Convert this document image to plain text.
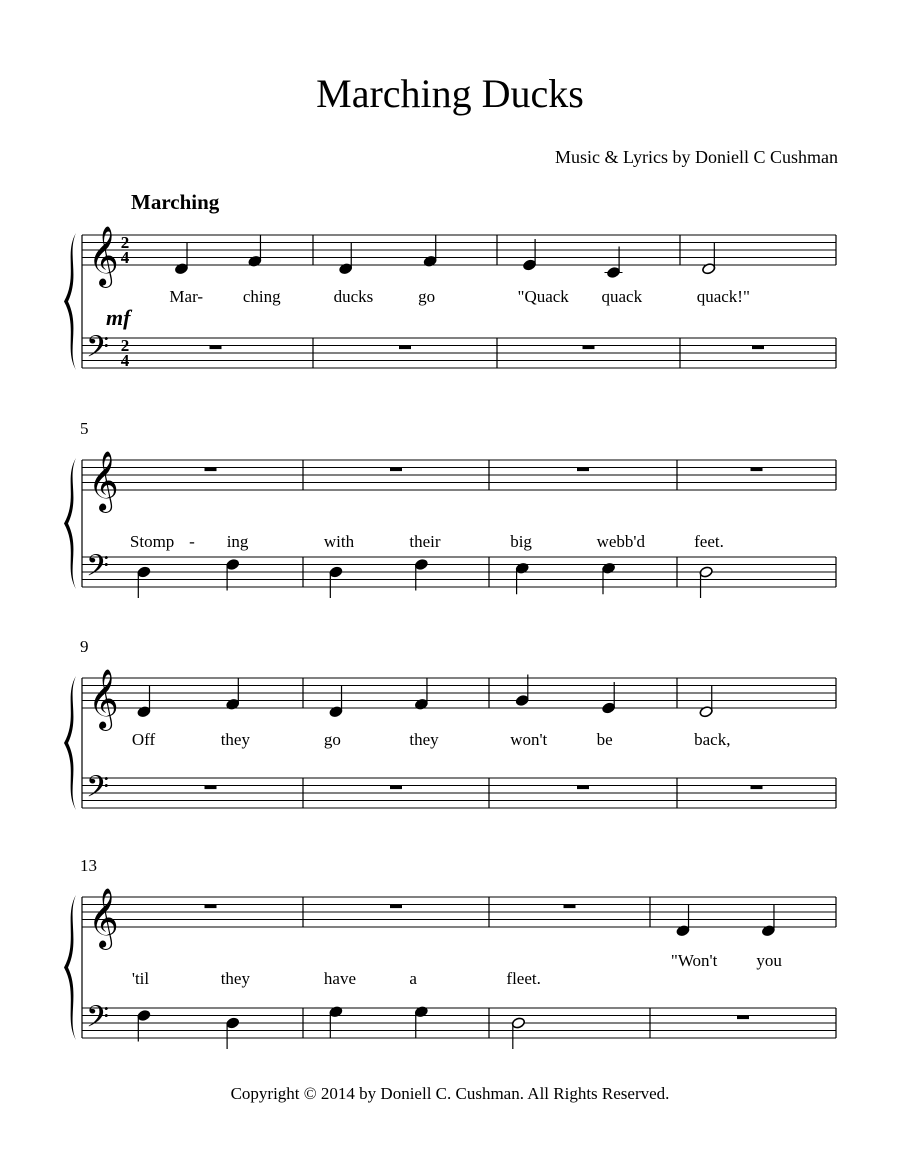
Marching Ducks
Music & Lyrics by Doniell C Cushman
Marching
𝄞
𝄢
2
4
2
4
mf
Mar- ching	ducks	go	"Quack quack	quack!"
𝄞
𝄢
5
Stomp - ing	with	their	big	webb'd	feet.
𝄞
𝄢
9
Off	they	go	they	won't	be	back,
𝄞
𝄢
13
'til	they	have	a	fleet.
"Won't you
Copyright © 2014 by Doniell C. Cushman. All Rights Reserved.
